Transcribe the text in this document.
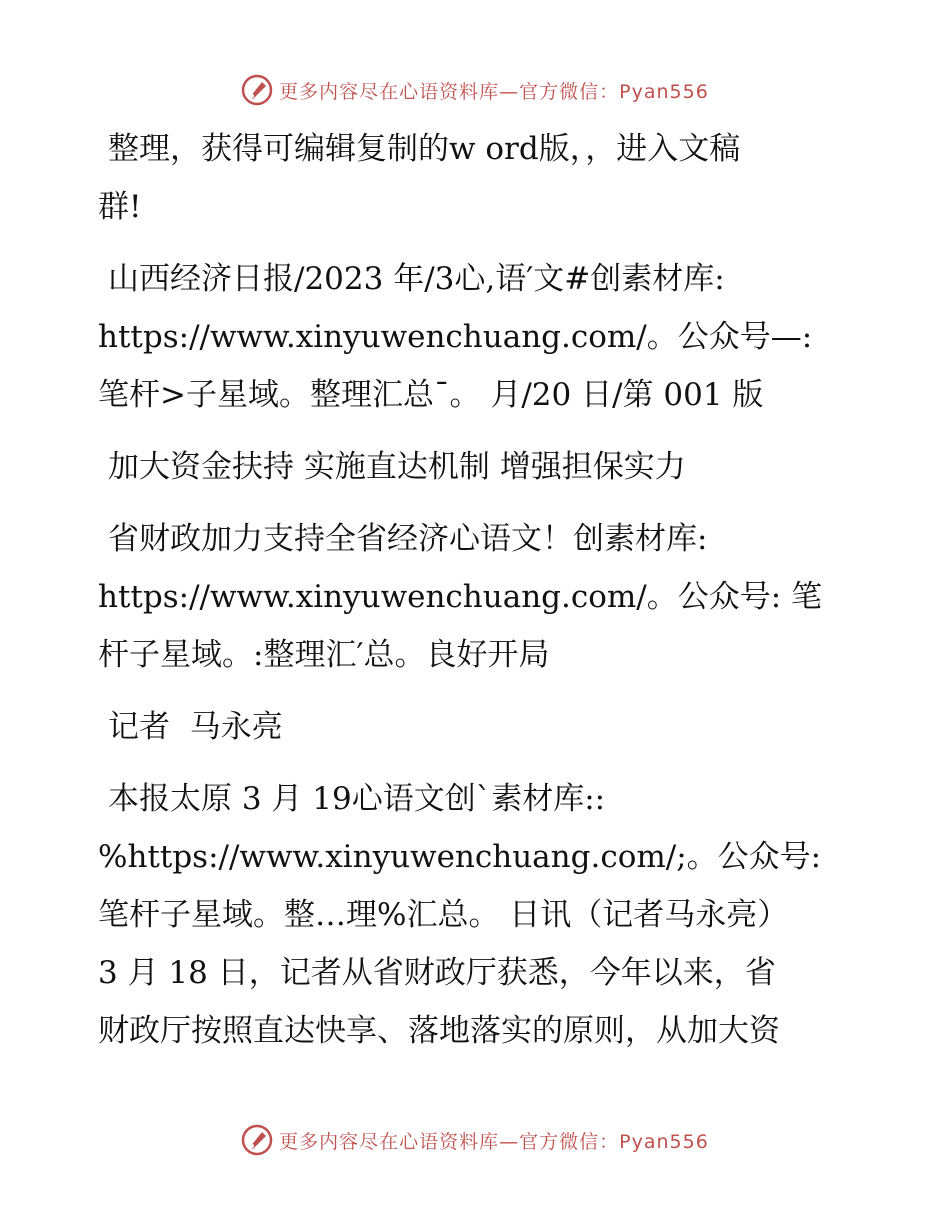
更多内容尽在心语资料库—官方微信：Pyan556
整理，获得可编辑复制的w ord版，，进入文稿
群!
山西经济日报/2023 年/3心,语′文#创素材库:
https://www.xinyuwenchuang.com/。公众号—:
笔杆>子星域。整理汇总¯。 月/20 日/第 001 版
加大资金扶持 实施直达机制 增强担保实力
省财政加力支持全省经济心语文！创素材库:
https://www.xinyuwenchuang.com/。公众号: 笔
杆子星域。:整理汇′总。良好开局
记者  马永亮
本报太原 3 月 19心语文创`素材库::
%https://www.xinyuwenchuang.com/;。公众号:
笔杆子星域。整…理%汇总。 日讯（记者马永亮）
3 月 18 日，记者从省财政厅获悉，今年以来，省
财政厅按照直达快享、落地落实的原则，从加大资
更多内容尽在心语资料库—官方微信：Pyan556
